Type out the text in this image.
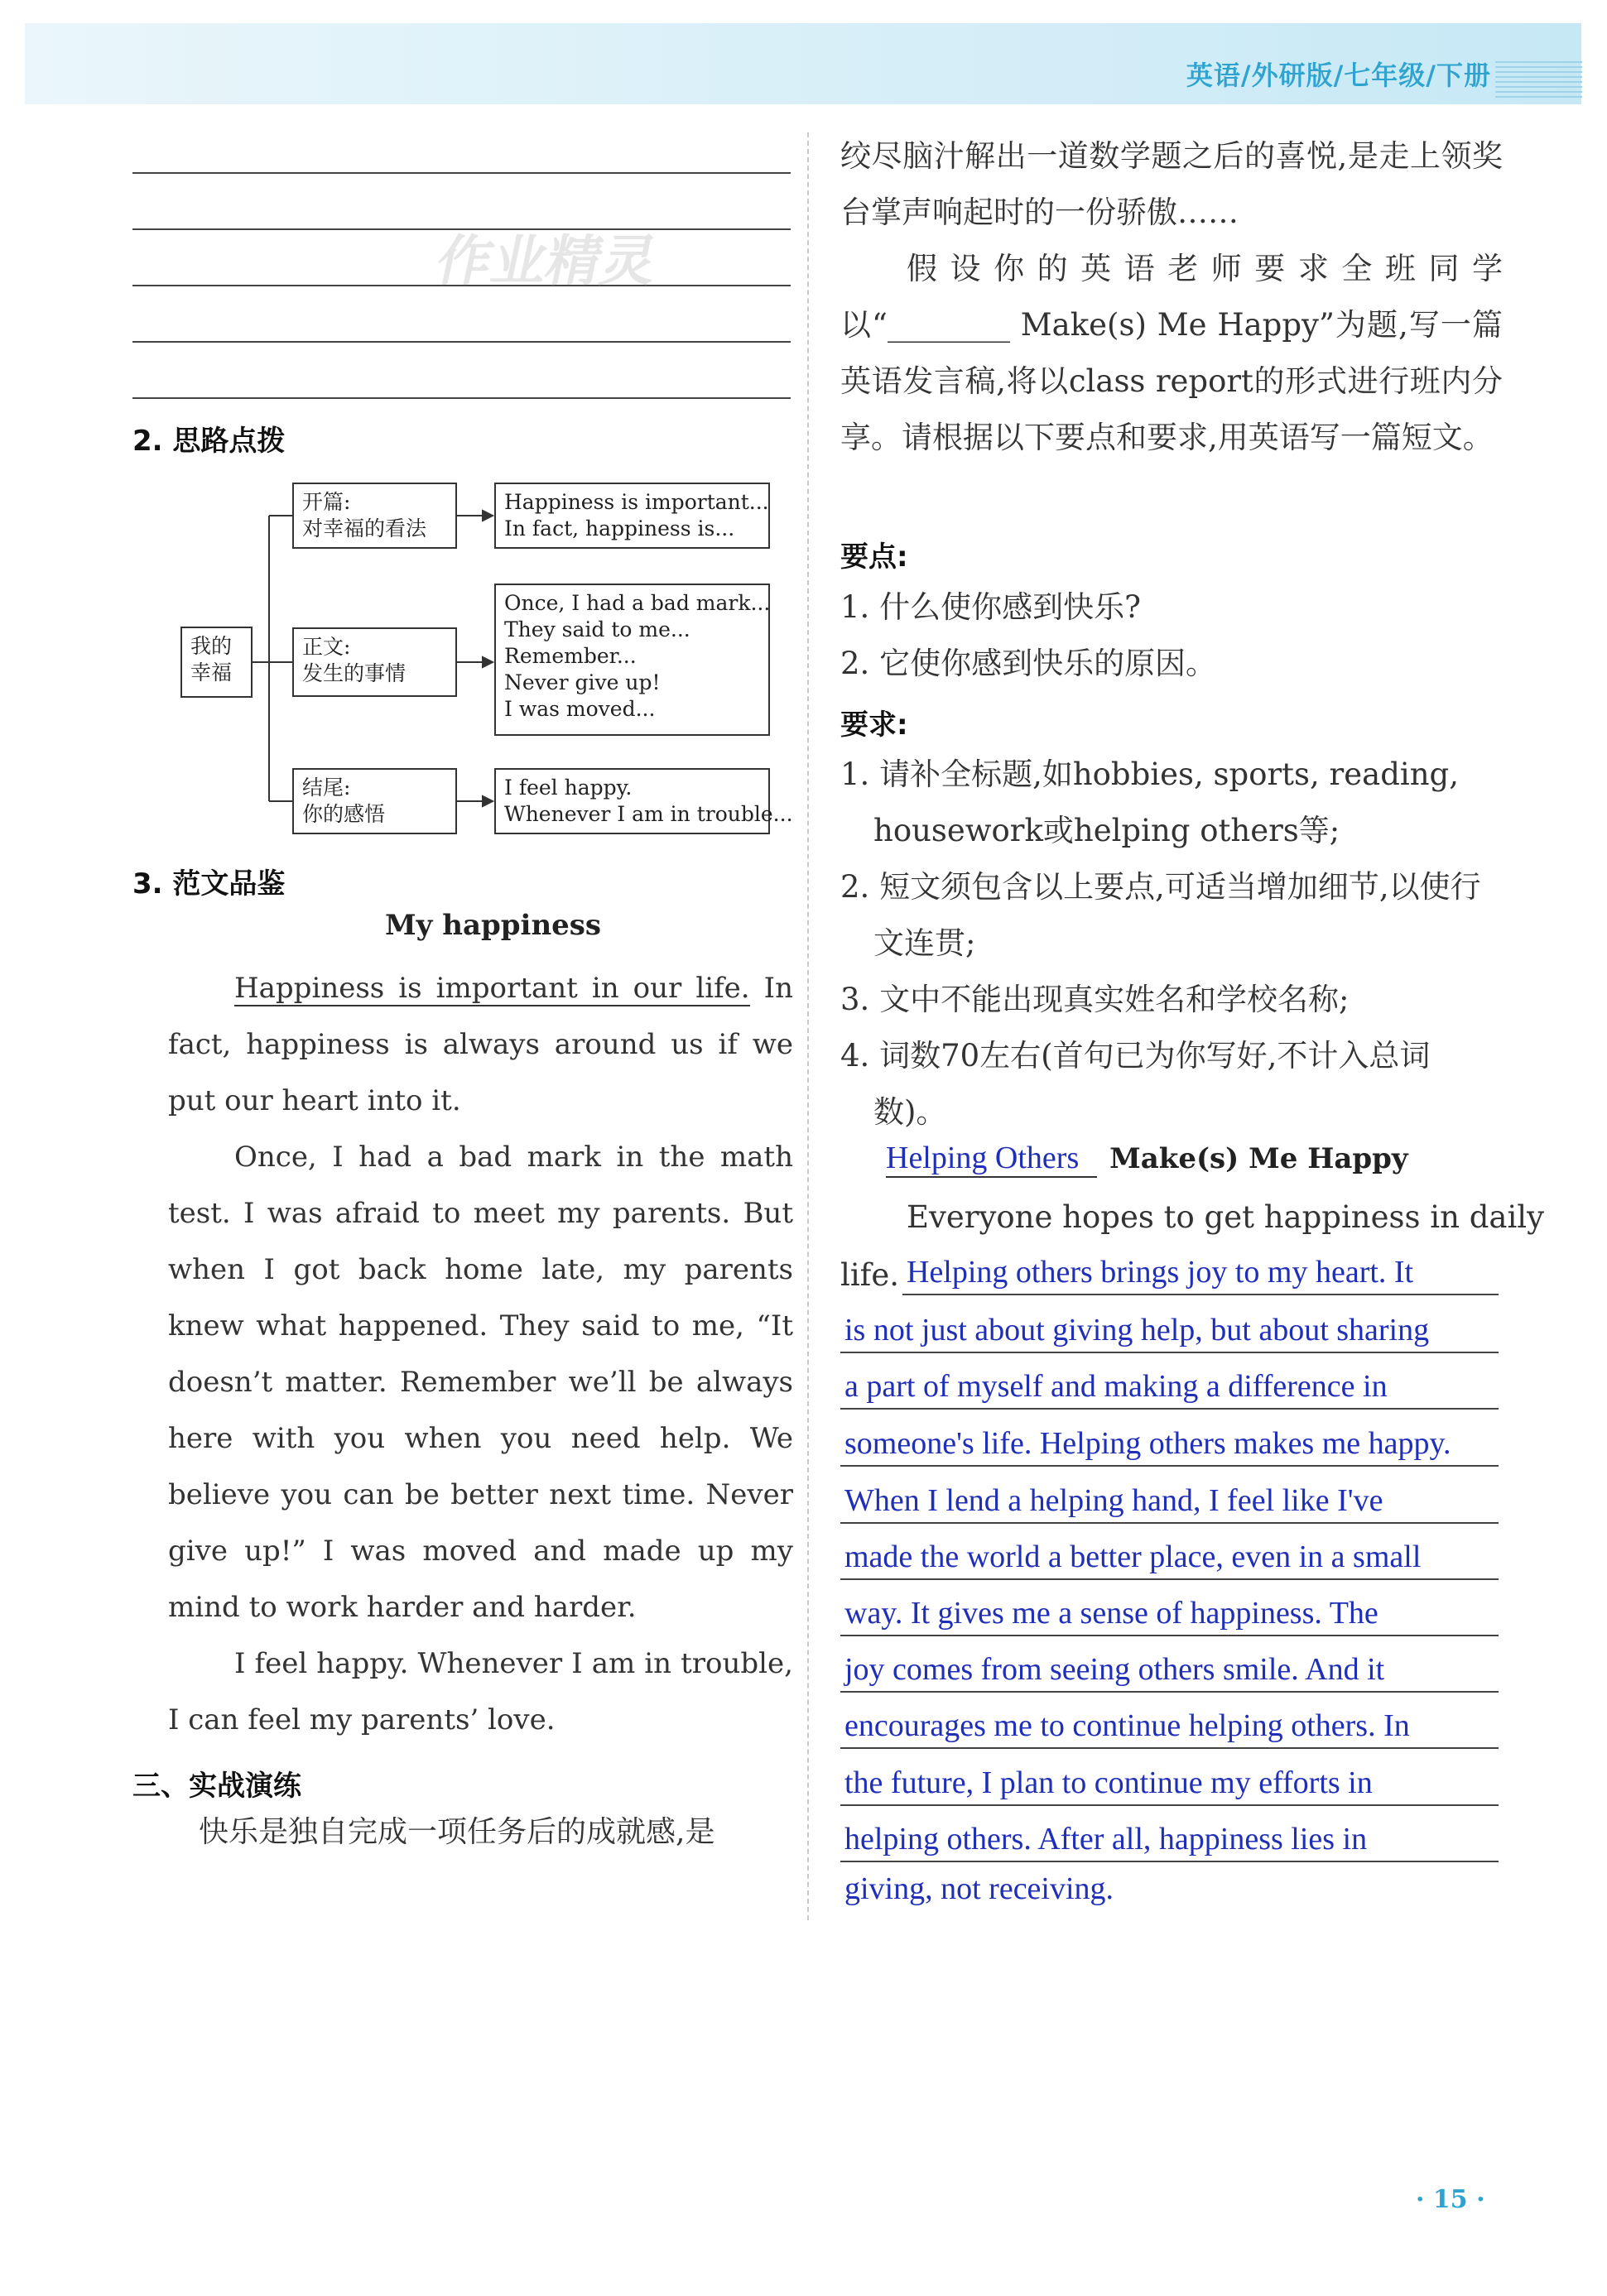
英语/外研版/七年级/下册
作业精灵
2. 思路点拨
我的
幸福
开篇:
对幸福的看法
Happiness is important...
In fact, happiness is...
正文:
发生的事情
Once, I had a bad mark...
They said to me...
Remember...
Never give up!
I was moved...
结尾:
你的感悟
I feel happy.
Whenever I am in trouble...
3. 范文品鉴
My happiness

Happiness is important in our life. In fact, happiness is always around us if we put our heart into it.

Once, I had a bad mark in the math test. I was afraid to meet my parents. But when I got back home late, my parents knew what happened. They said to me, “It doesn’t matter. Remember we’ll be always here with you when you need help. We believe you can be better next time. Never give up!” I was moved and made up my mind to work harder and harder.

I feel happy. Whenever I am in trouble, I can feel my parents’ love.

三、实战演练
快乐是独自完成一项任务后的成就感,是
绞尽脑汁解出一道数学题之后的喜悦,是走上领奖台掌声响起时的一份骄傲……
假设你的英语老师要求全班同学以“________ Make(s) Me Happy”为题,写一篇英语发言稿,将以class report的形式进行班内分享。请根据以下要点和要求,用英语写一篇短文。
要点:
1. 什么使你感到快乐?
2. 它使你感到快乐的原因。
要求:
1. 请补全标题,如hobbies, sports, reading, housework或helping others等;
2. 短文须包含以上要点,可适当增加细节,以使行文连贯;
3. 文中不能出现真实姓名和学校名称;
4. 词数70左右(首句已为你写好,不计入总词数)。
Helping Others Make(s) Me Happy
Everyone hopes to get happiness in daily
life. Helping others brings joy to my heart. It
is not just about giving help, but about sharing
a part of myself and making a difference in
someone's life. Helping others makes me happy.
When I lend a helping hand, I feel like I've
made the world a better place, even in a small
way. It gives me a sense of happiness. The
joy comes from seeing others smile. And it
encourages me to continue helping others. In
the future, I plan to continue my efforts in
helping others. After all, happiness lies in
giving, not receiving.
· 15 ·
